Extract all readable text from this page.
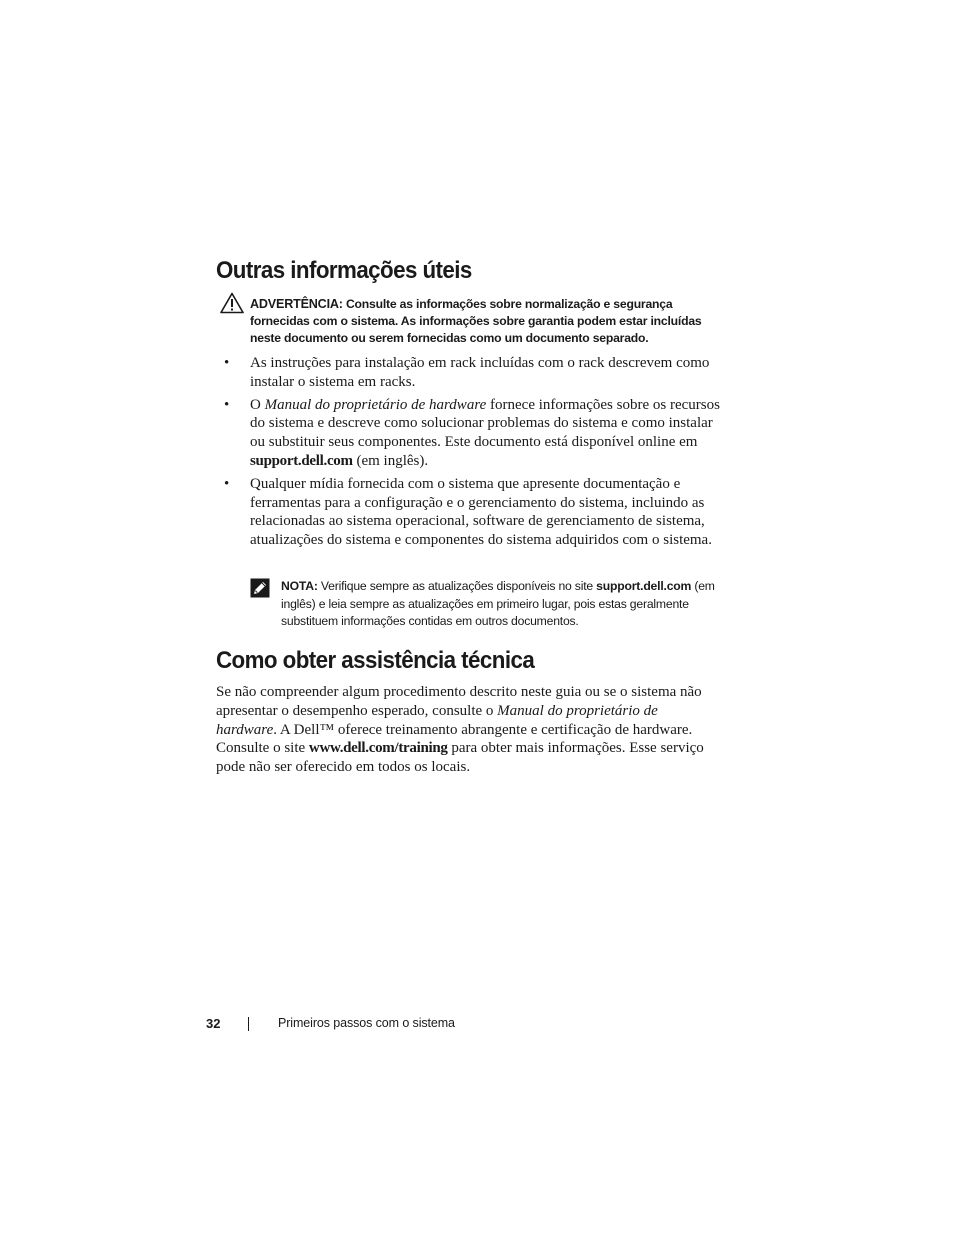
Outras informações úteis
ADVERTÊNCIA: Consulte as informações sobre normalização e segurança fornecidas com o sistema. As informações sobre garantia podem estar incluídas neste documento ou serem fornecidas como um documento separado.
• As instruções para instalação em rack incluídas com o rack descrevem como instalar o sistema em racks.
• O Manual do proprietário de hardware fornece informações sobre os recursos do sistema e descreve como solucionar problemas do sistema e como instalar ou substituir seus componentes. Este documento está disponível online em support.dell.com (em inglês).
• Qualquer mídia fornecida com o sistema que apresente documentação e ferramentas para a configuração e o gerenciamento do sistema, incluindo as relacionadas ao sistema operacional, software de gerenciamento de sistema, atualizações do sistema e componentes do sistema adquiridos com o sistema.
NOTA: Verifique sempre as atualizações disponíveis no site support.dell.com (em inglês) e leia sempre as atualizações em primeiro lugar, pois estas geralmente substituem informações contidas em outros documentos.
Como obter assistência técnica

Se não compreender algum procedimento descrito neste guia ou se o sistema não apresentar o desempenho esperado, consulte o Manual do proprietário de hardware. A Dell™ oferece treinamento abrangente e certificação de hardware. Consulte o site www.dell.com/training para obter mais informações. Esse serviço pode não ser oferecido em todos os locais.

32	Primeiros passos com o sistema
